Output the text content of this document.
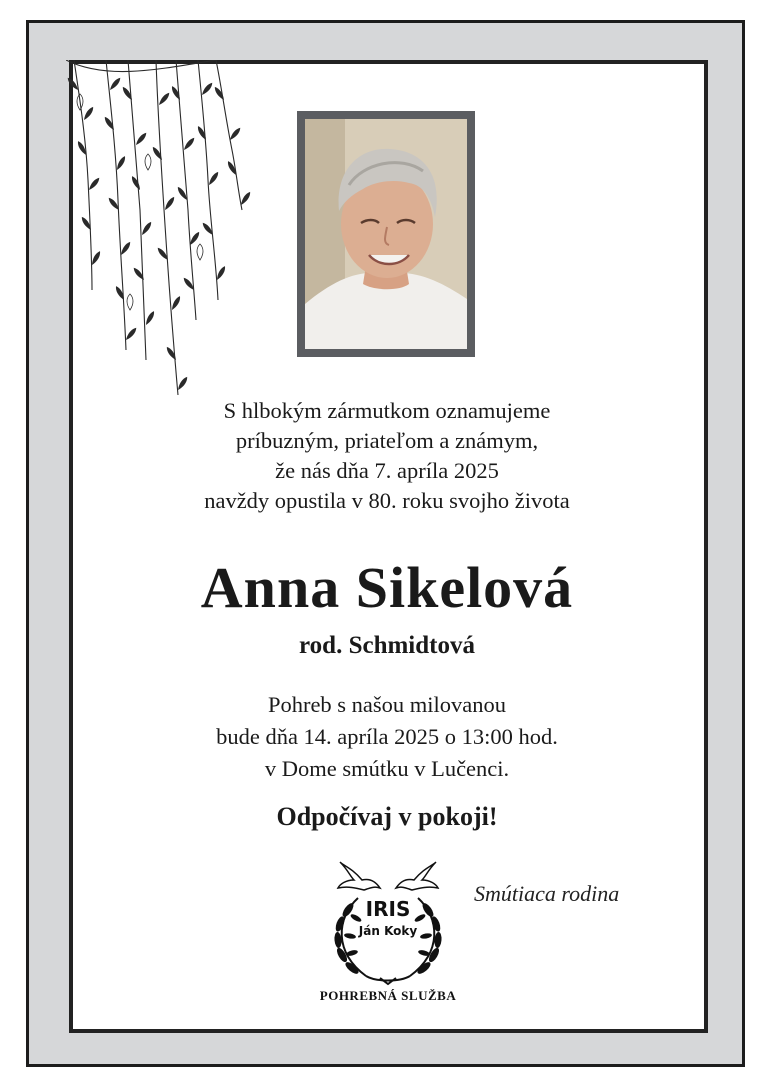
S hlbokým zármutkom oznamujeme
príbuzným, priateľom a známym,
že nás dňa 7. apríla 2025
navždy opustila v 80. roku svojho života
Anna Sikelová
rod. Schmidtová
Pohreb s našou milovanou
bude dňa 14. apríla 2025 o 13:00 hod.
v Dome smútku v Lučenci.
Odpočívaj v pokoji!
IRIS
Ján Koky
POHREBNÁ SLUŽBA
Smútiaca rodina
